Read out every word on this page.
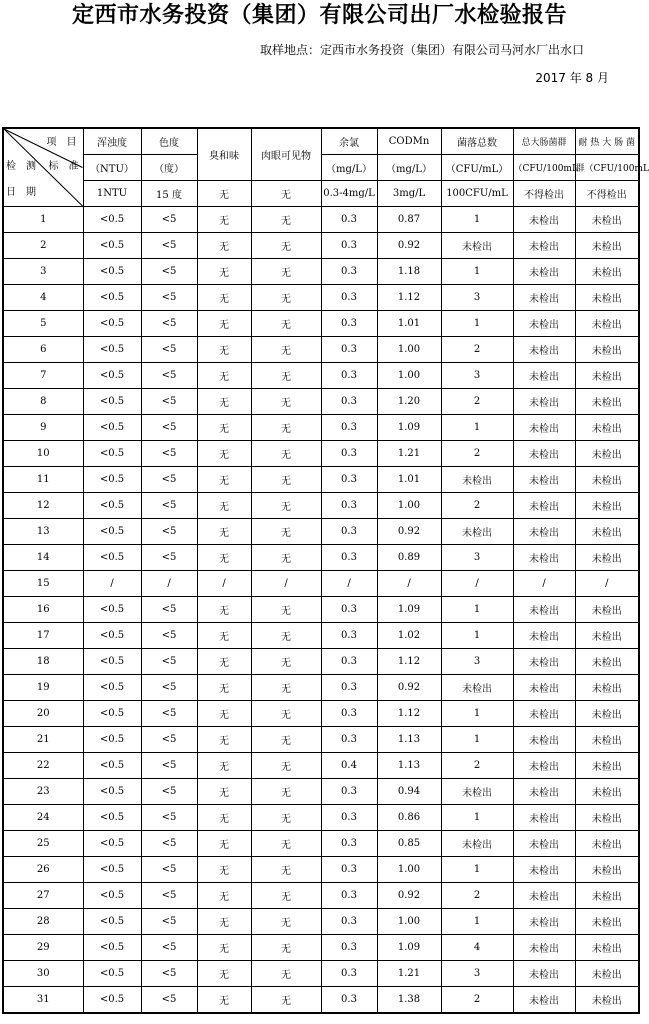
定西市水务投资（集团）有限公司出厂水检验报告
取样地点：定西市水务投资（集团）有限公司马河水厂出水口
2017 年 8 月
项　目
检　测 标　准
日　期	浑浊度	色度	臭和味	肉眼可见物	余氯	CODMn	菌落总数	总大肠菌群	耐 热 大 肠 菌
	（NTU）	（度）			（mg/L）	（mg/L）	（CFU/mL）	（CFU/100mL	群（CFU/100mL
	1NTU	15 度	无	无	0.3-4mg/L	3mg/L	100CFU/mL	不得检出	不得检出
1	<0.5	<5	无	无	0.3	0.87	1	未检出	未检出
2	<0.5	<5	无	无	0.3	0.92	未检出	未检出	未检出
3	<0.5	<5	无	无	0.3	1.18	1	未检出	未检出
4	<0.5	<5	无	无	0.3	1.12	3	未检出	未检出
5	<0.5	<5	无	无	0.3	1.01	1	未检出	未检出
6	<0.5	<5	无	无	0.3	1.00	2	未检出	未检出
7	<0.5	<5	无	无	0.3	1.00	3	未检出	未检出
8	<0.5	<5	无	无	0.3	1.20	2	未检出	未检出
9	<0.5	<5	无	无	0.3	1.09	1	未检出	未检出
10	<0.5	<5	无	无	0.3	1.21	2	未检出	未检出
11	<0.5	<5	无	无	0.3	1.01	未检出	未检出	未检出
12	<0.5	<5	无	无	0.3	1.00	2	未检出	未检出
13	<0.5	<5	无	无	0.3	0.92	未检出	未检出	未检出
14	<0.5	<5	无	无	0.3	0.89	3	未检出	未检出
15	/	/	/	/	/	/	/	/	/
16	<0.5	<5	无	无	0.3	1.09	1	未检出	未检出
17	<0.5	<5	无	无	0.3	1.02	1	未检出	未检出
18	<0.5	<5	无	无	0.3	1.12	3	未检出	未检出
19	<0.5	<5	无	无	0.3	0.92	未检出	未检出	未检出
20	<0.5	<5	无	无	0.3	1.12	1	未检出	未检出
21	<0.5	<5	无	无	0.3	1.13	1	未检出	未检出
22	<0.5	<5	无	无	0.4	1.13	2	未检出	未检出
23	<0.5	<5	无	无	0.3	0.94	未检出	未检出	未检出
24	<0.5	<5	无	无	0.3	0.86	1	未检出	未检出
25	<0.5	<5	无	无	0.3	0.85	未检出	未检出	未检出
26	<0.5	<5	无	无	0.3	1.00	1	未检出	未检出
27	<0.5	<5	无	无	0.3	0.92	2	未检出	未检出
28	<0.5	<5	无	无	0.3	1.00	1	未检出	未检出
29	<0.5	<5	无	无	0.3	1.09	4	未检出	未检出
30	<0.5	<5	无	无	0.3	1.21	3	未检出	未检出
31	<0.5	<5	无	无	0.3	1.38	2	未检出	未检出
